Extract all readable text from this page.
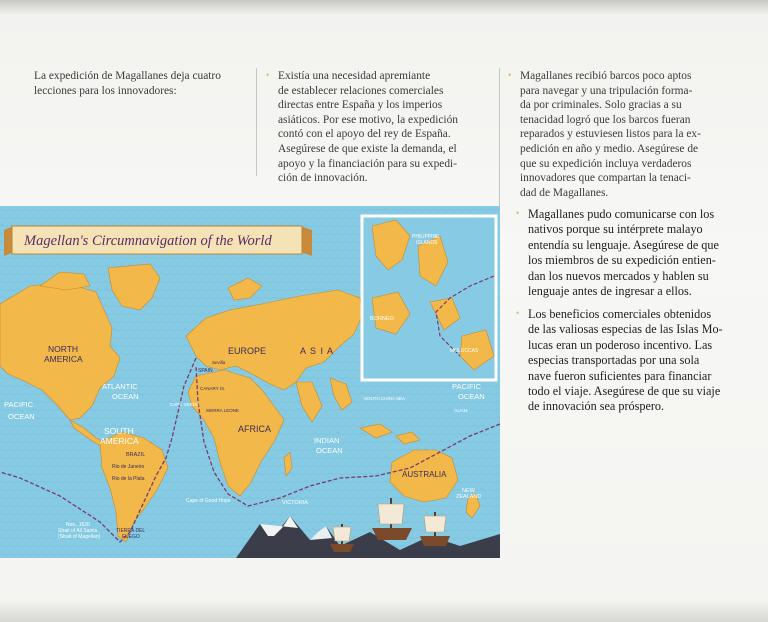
La expedición de Magallanes deja cuatro
lecciones para los innovadores:
• Existía una necesidad apremiante
de establecer relaciones comerciales
directas entre España y los imperios
asiáticos. Por ese motivo, la expedición
contó con el apoyo del rey de España.
Asegúrese de que existe la demanda, el
apoyo y la financiación para su expedi-
ción de innovación.
• Magallanes recibió barcos poco aptos
para navegar y una tripulación forma-
da por criminales. Solo gracias a su
tenacidad logró que los barcos fueran
reparados y estuviesen listos para la ex-
pedición en año y medio. Asegúrese de
que su expedición incluya verdaderos
innovadores que compartan la tenaci-
dad de Magallanes.
• Magallanes pudo comunicarse con los
nativos porque su intérprete malayo
entendía su lenguaje. Asegúrese de que
los miembros de su expedición entien-
dan los nuevos mercados y hablen su
lenguaje antes de ingresar a ellos.
• Los beneficios comerciales obtenidos
de las valiosas especias de las Islas Mo-
lucas eran un poderoso incentivo. Las
especias transportadas por una sola
nave fueron suficientes para financiar
todo el viaje. Asegúrese de que su viaje
de innovación sea próspero.
Magellan's Circumnavigation of the World
NORTH
AMERICA
EUROPE	A S I A
ATLANTIC
OCEAN
PACIFIC
OCEAN
AFRICA
SOUTH
AMERICA	INDIAN
OCEAN
PACIFIC
OCEAN
AUSTRALIA
BORNEO
NEW
ZEALAND
BRAZIL
VICTORIA
Rio de Janeiro
Rio de la Plata
Nov., 1520
Strait of All Saints
(Strait of Magellan)
TIERRA DEL
FUEGO
Cape of Good Hope
PHILIPPINE
ISLANDS
MOLUCCAS
SPAIN
CAPE VERDE
CANARY IS.
SIERRA LEONE	GUAM
SOUTH CHINA SEA
Sevilla
